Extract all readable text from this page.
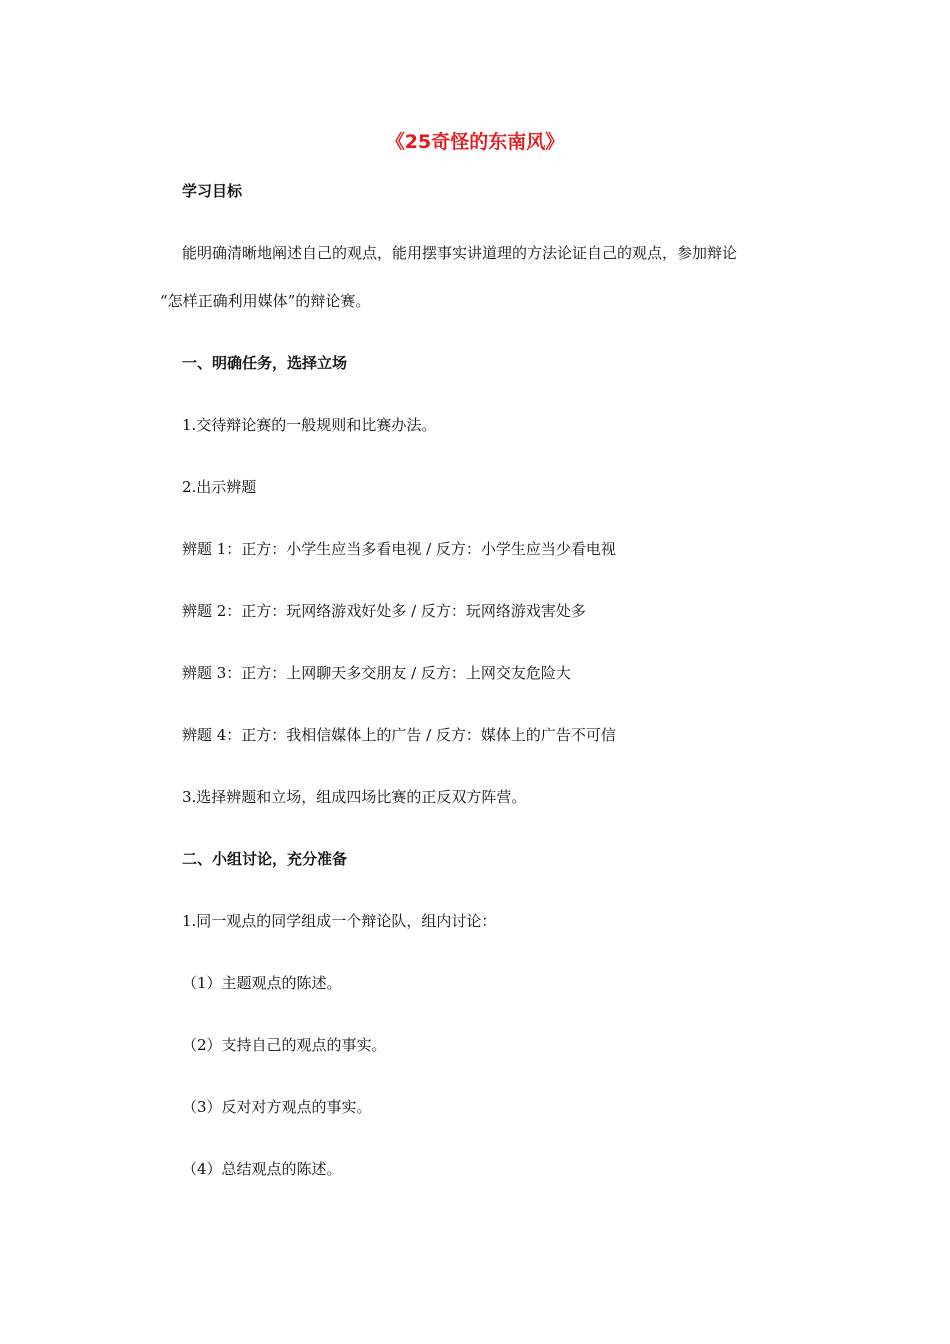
《25奇怪的东南风》
学习目标
能明确清晰地阐述自己的观点，能用摆事实讲道理的方法论证自己的观点，参加辩论
“怎样正确利用媒体”的辩论赛。
一、明确任务，选择立场
1.交待辩论赛的一般规则和比赛办法。
2.出示辨题
辨题 1：正方：小学生应当多看电视 / 反方：小学生应当少看电视
辨题 2：正方：玩网络游戏好处多 / 反方：玩网络游戏害处多
辨题 3：正方：上网聊天多交朋友 / 反方：上网交友危险大
辨题 4：正方：我相信媒体上的广告 / 反方：媒体上的广告不可信
3.选择辨题和立场，组成四场比赛的正反双方阵营。
二、小组讨论，充分准备
1.同一观点的同学组成一个辩论队，组内讨论：
（1）主题观点的陈述。
（2）支持自己的观点的事实。
（3）反对对方观点的事实。
（4）总结观点的陈述。
